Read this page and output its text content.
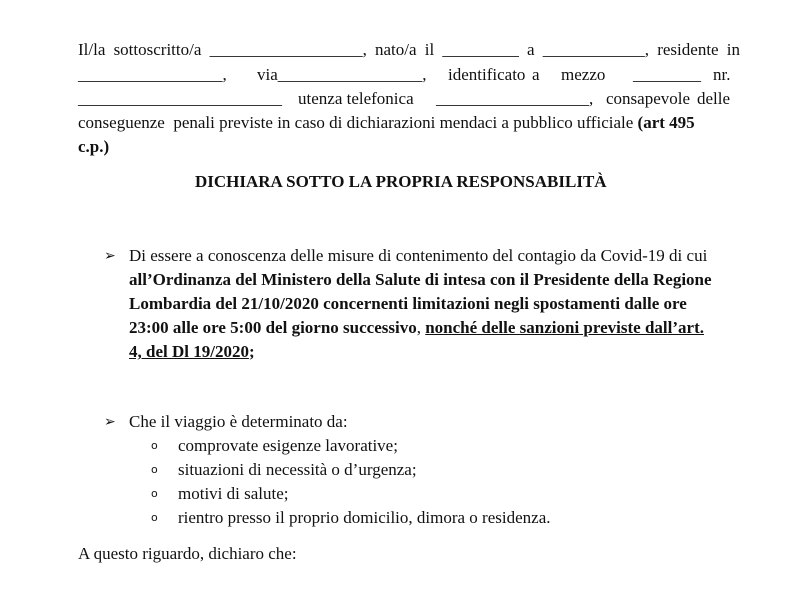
Il/la sottoscritto/a __________________, nato/a il _________ a ____________, residente in
_________________, via_________________, identificato a mezzo ________ nr.
________________________ utenza telefonica __________________, consapevole delle
conseguenze  penali previste in caso di dichiarazioni mendaci a pubblico ufficiale (art 495
c.p.)
DICHIARA SOTTO LA PROPRIA RESPONSABILITÀ
➢ Di essere a conoscenza delle misure di contenimento del contagio da Covid-19 di cui
all’Ordinanza del Ministero della Salute di intesa con il Presidente della Regione
Lombardia del 21/10/2020 concernenti limitazioni negli spostamenti dalle ore
23:00 alle ore 5:00 del giorno successivo, nonché delle sanzioni previste dall’art.
4, del Dl 19/2020;
➢ Che il viaggio è determinato da:
o comprovate esigenze lavorative;
o situazioni di necessità o d’urgenza;
o motivi di salute;
o rientro presso il proprio domicilio, dimora o residenza.
A questo riguardo, dichiaro che:
